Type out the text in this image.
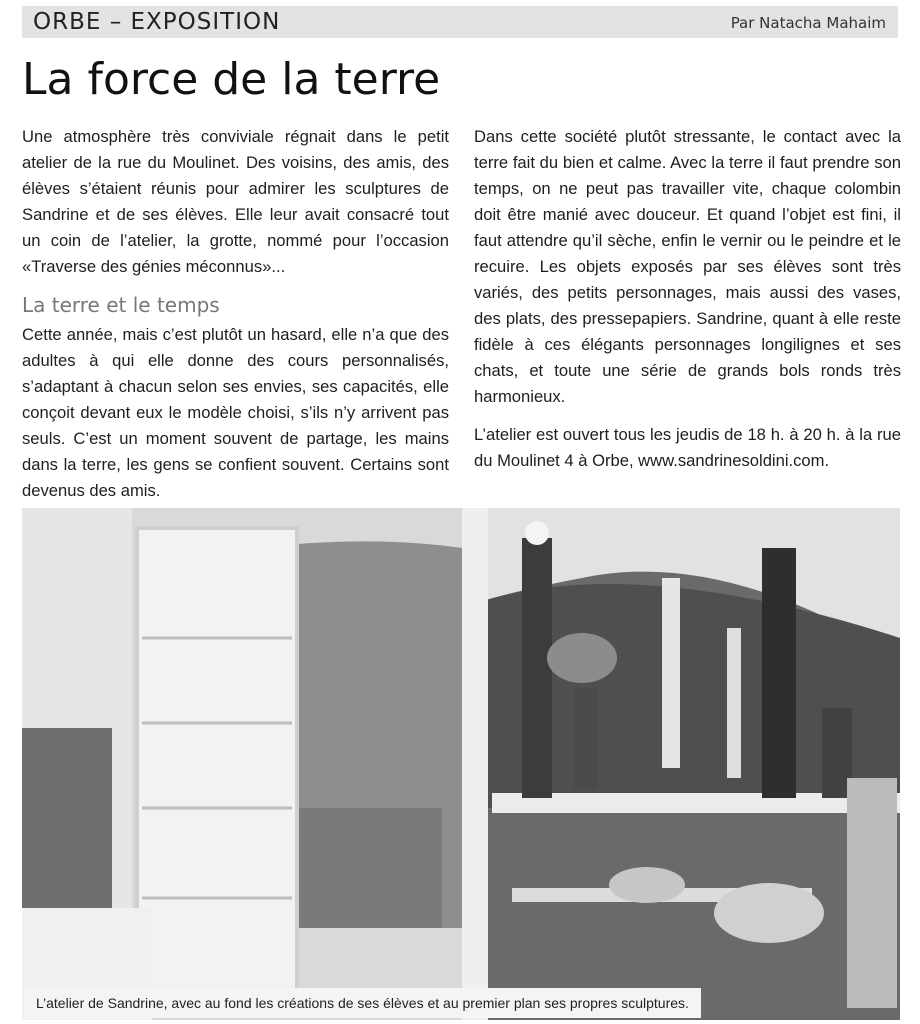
ORBE – EXPOSITION	Par Natacha Mahaim
La force de la terre

Une atmosphère très conviviale régnait dans le petit atelier de la rue du Moulinet. Des voisins, des amis, des élèves s’étaient réunis pour admirer les sculptures de Sandrine et de ses élèves. Elle leur avait consacré tout un coin de l’atelier, la grotte, nommé pour l’occasion «Traverse des génies méconnus»...

La terre et le temps

Cette année, mais c’est plutôt un hasard, elle n’a que des adultes à qui elle donne des cours personnalisés, s’adaptant à chacun selon ses envies, ses capacités, elle conçoit devant eux le modèle choisi, s’ils n’y arrivent pas seuls. C’est un moment souvent de partage, les mains dans la terre, les gens se confient souvent. Certains sont devenus des amis.

Dans cette société plutôt stressante, le contact avec la terre fait du bien et calme. Avec la terre il faut prendre son temps, on ne peut pas travailler vite, chaque colombin doit être manié avec douceur. Et quand l’objet est fini, il faut attendre qu’il sèche, enfin le vernir ou le peindre et le recuire. Les objets exposés par ses élèves sont très variés, des petits personnages, mais aussi des vases, des plats, des pressepapiers. Sandrine, quant à elle reste fidèle à ces élégants personnages longilignes et ses chats, et toute une série de grands bols ronds très harmonieux.

L’atelier est ouvert tous les jeudis de 18 h. à 20 h. à la rue du Moulinet 4 à Orbe, www.sandrinesoldini.com.

L’atelier de Sandrine, avec au fond les créations de ses élèves et au premier plan ses propres sculptures.
